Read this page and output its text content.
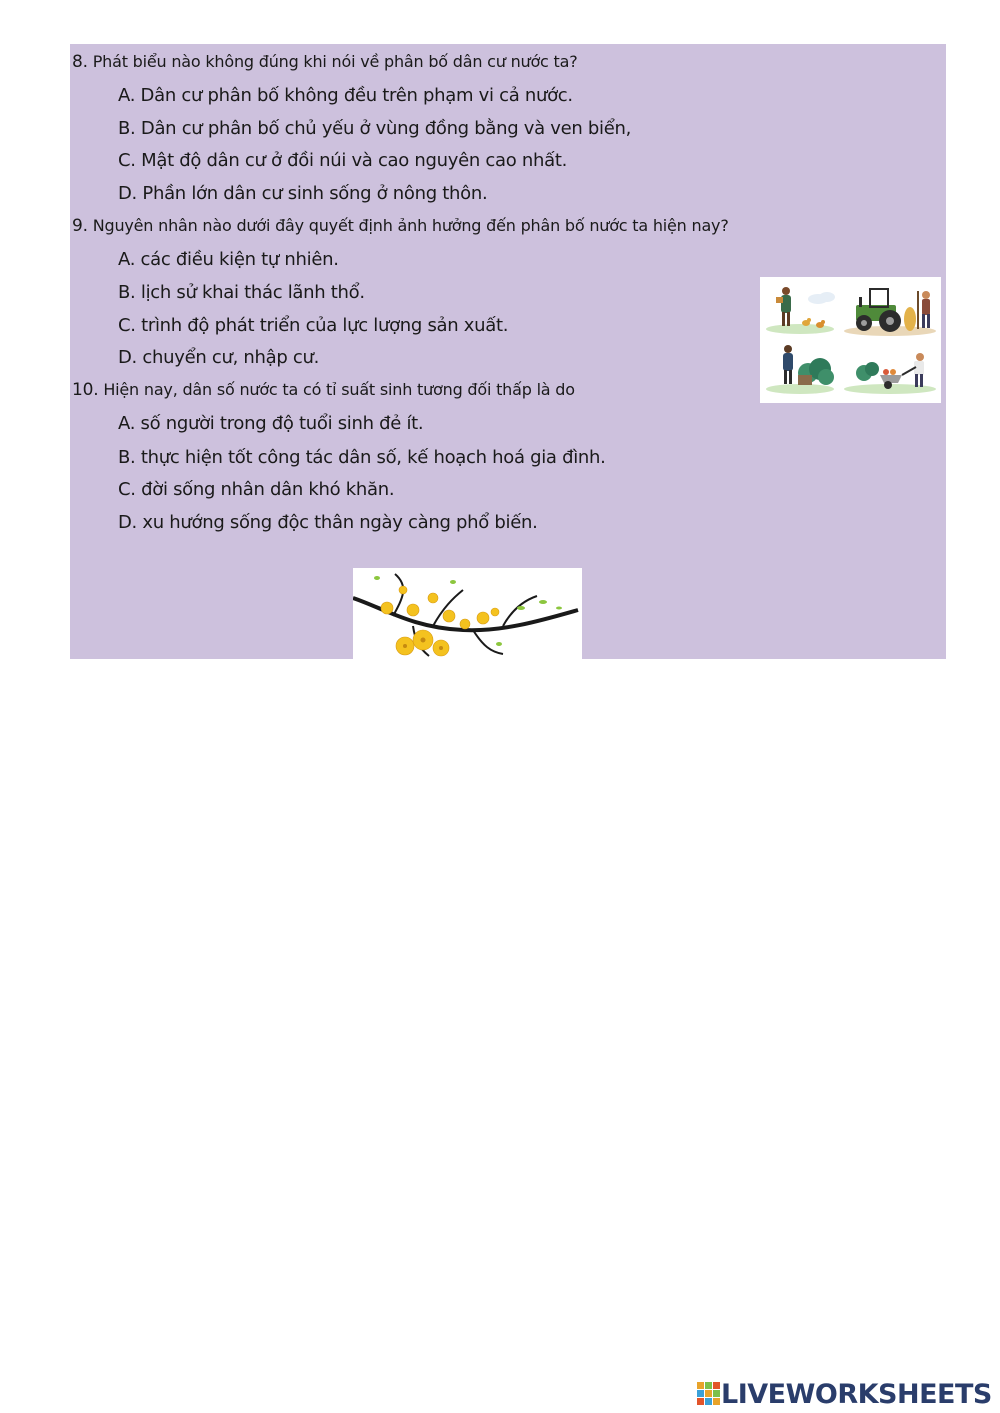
8. Phát biểu nào không đúng khi nói về phân bố dân cư nước ta?
A. Dân cư phân bố không đều trên phạm vi cả nước.
B. Dân cư phân bố chủ yếu ở vùng đồng bằng và ven biển,
C. Mật độ dân cư ở đồi núi và cao nguyên cao nhất.
D. Phần lớn dân cư sinh sống ở nông thôn.
9. Nguyên nhân nào dưới đây quyết định ảnh hưởng đến phân bố nước ta hiện nay?
A. các điều kiện tự nhiên.
B. lịch sử khai thác lãnh thổ.
C. trình độ phát triển của lực lượng sản xuất.
D. chuyển cư, nhập cư.
10. Hiện nay, dân số nước ta có tỉ suất sinh tương đối thấp là do
A. số người trong độ tuổi sinh đẻ ít.
B. thực hiện tốt công tác dân số, kế hoạch hoá gia đình.
C. đời sống nhân dân khó khăn.
D. xu hướng sống độc thân ngày càng phổ biến.
LIVEWORKSHEETS
